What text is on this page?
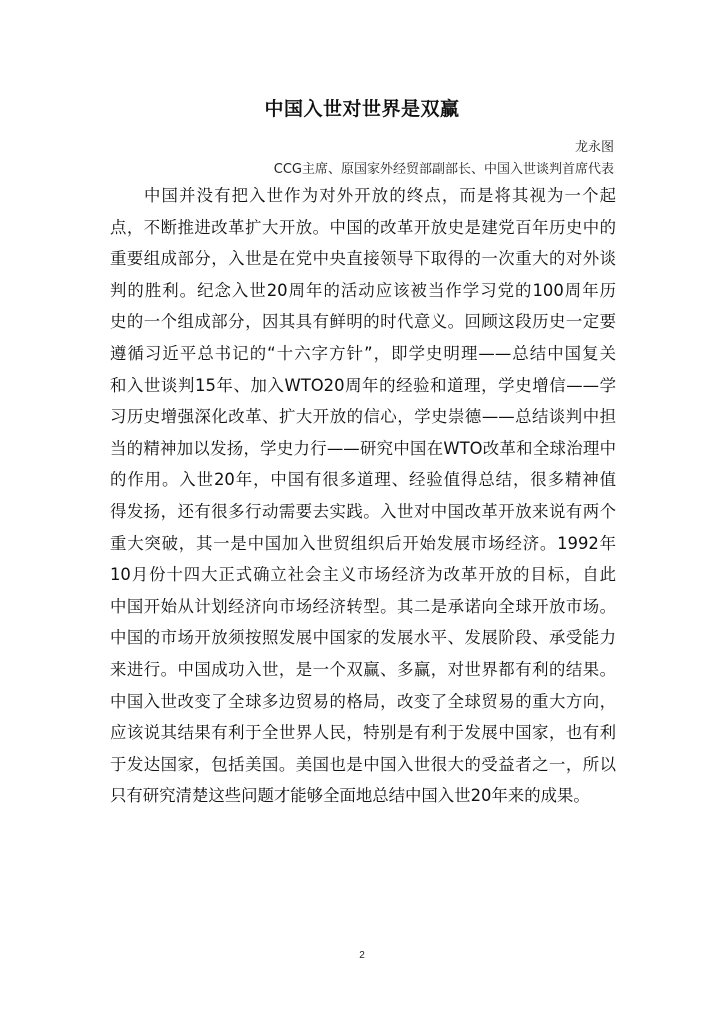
中国入世对世界是双赢
龙永图
CCG主席、原国家外经贸部副部长、中国入世谈判首席代表
中国并没有把入世作为对外开放的终点，而是将其视为一个起
点，不断推进改革扩大开放。中国的改革开放史是建党百年历史中的
重要组成部分，入世是在党中央直接领导下取得的一次重大的对外谈
判的胜利。纪念入世20周年的活动应该被当作学习党的100周年历
史的一个组成部分，因其具有鲜明的时代意义。回顾这段历史一定要
遵循习近平总书记的“十六字方针”，即学史明理——总结中国复关
和入世谈判15年、加入WTO20周年的经验和道理，学史增信——学
习历史增强深化改革、扩大开放的信心，学史崇德——总结谈判中担
当的精神加以发扬，学史力行——研究中国在WTO改革和全球治理中
的作用。入世20年，中国有很多道理、经验值得总结，很多精神值
得发扬，还有很多行动需要去实践。入世对中国改革开放来说有两个
重大突破，其一是中国加入世贸组织后开始发展市场经济。1992年
10月份十四大正式确立社会主义市场经济为改革开放的目标，自此
中国开始从计划经济向市场经济转型。其二是承诺向全球开放市场。
中国的市场开放须按照发展中国家的发展水平、发展阶段、承受能力
来进行。中国成功入世，是一个双赢、多赢，对世界都有利的结果。
中国入世改变了全球多边贸易的格局，改变了全球贸易的重大方向，
应该说其结果有利于全世界人民，特别是有利于发展中国家，也有利
于发达国家，包括美国。美国也是中国入世很大的受益者之一，所以
只有研究清楚这些问题才能够全面地总结中国入世20年来的成果。
2
